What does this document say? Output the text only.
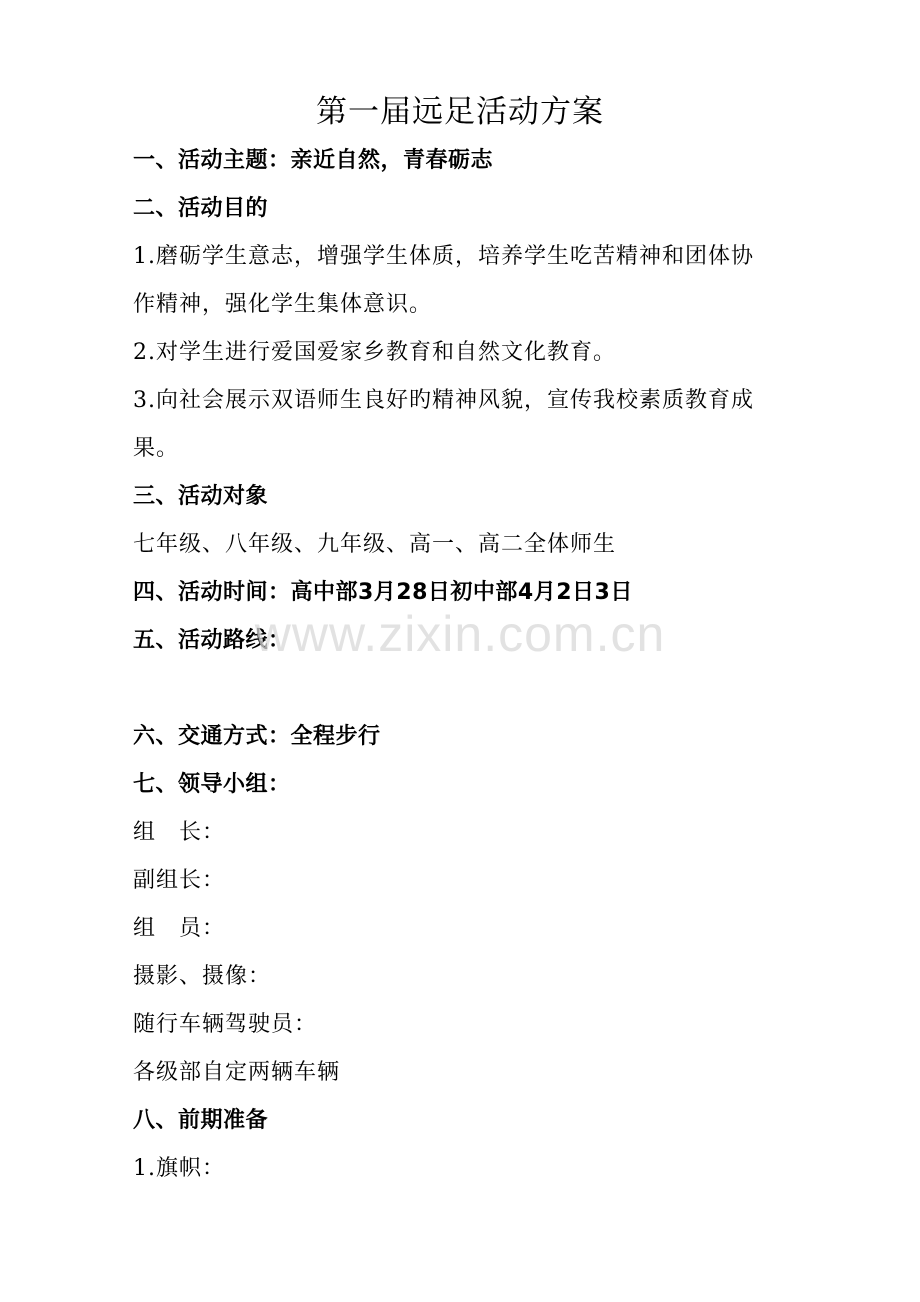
第一届远足活动方案
一、活动主题：亲近自然，青春砺志
二、活动目的
1.磨砺学生意志，增强学生体质，培养学生吃苦精神和团体协
作精神，强化学生集体意识。
2.对学生进行爱国爱家乡教育和自然文化教育。
3.向社会展示双语师生良好旳精神风貌，宣传我校素质教育成
果。
三、活动对象
七年级、八年级、九年级、高一、高二全体师生
四、活动时间：高中部3月28日初中部4月2日3日
五、活动路线：
六、交通方式：全程步行
七、领导小组：
组　长：
副组长：
组　员：
摄影、摄像：
随行车辆驾驶员：
各级部自定两辆车辆
八、前期准备
1.旗帜：
www.zixin.com.cn
